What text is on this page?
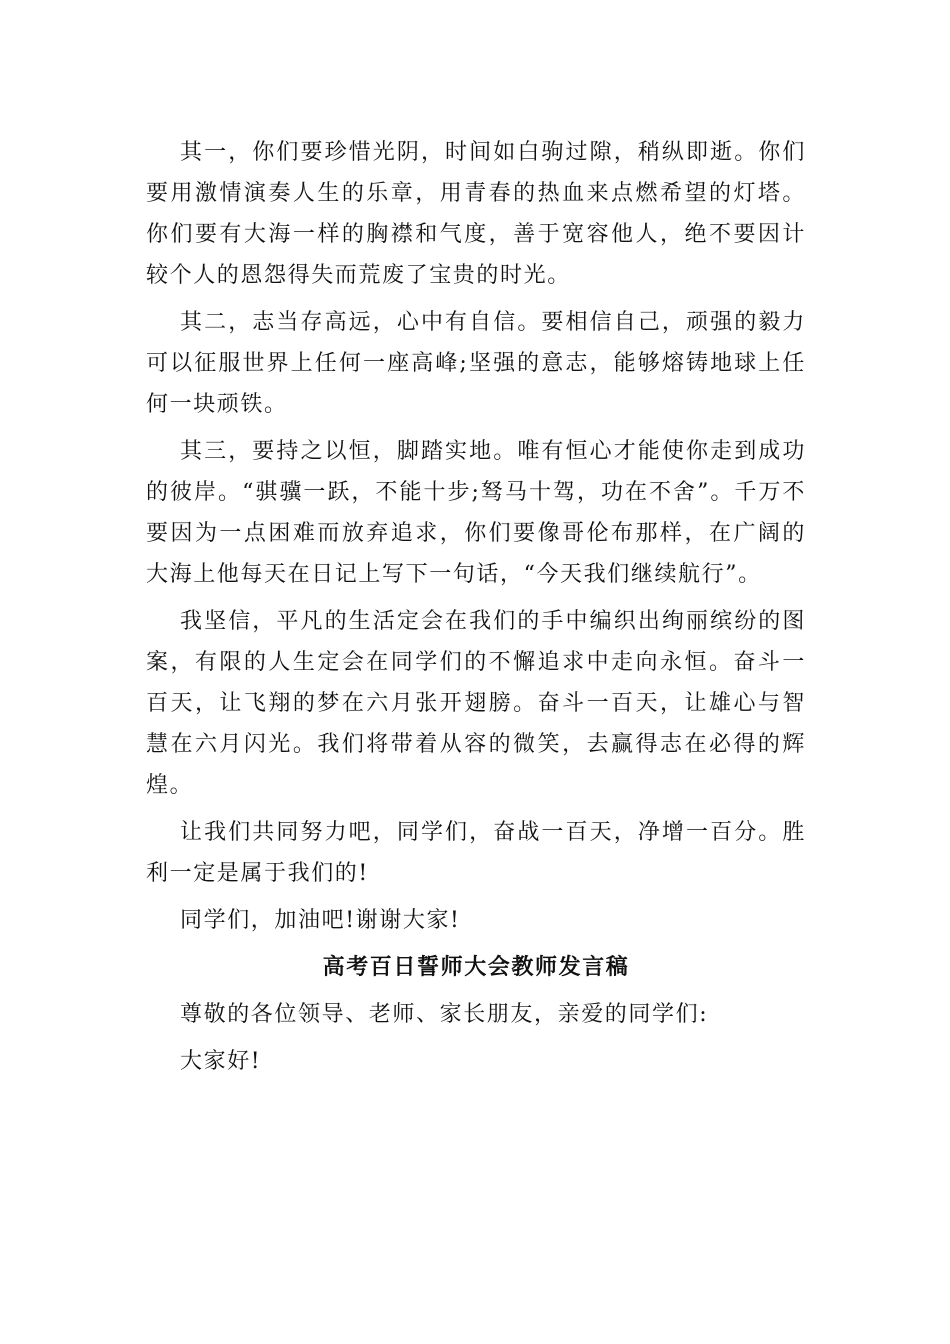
其一，你们要珍惜光阴，时间如白驹过隙，稍纵即逝。你们要用激情演奏人生的乐章，用青春的热血来点燃希望的灯塔。你们要有大海一样的胸襟和气度，善于宽容他人，绝不要因计较个人的恩怨得失而荒废了宝贵的时光。

其二，志当存高远，心中有自信。要相信自己，顽强的毅力可以征服世界上任何一座高峰;坚强的意志，能够熔铸地球上任何一块顽铁。

其三，要持之以恒，脚踏实地。唯有恒心才能使你走到成功的彼岸。“骐骥一跃，不能十步;驽马十驾，功在不舍”。千万不要因为一点困难而放弃追求，你们要像哥伦布那样，在广阔的大海上他每天在日记上写下一句话，“今天我们继续航行”。

我坚信，平凡的生活定会在我们的手中编织出绚丽缤纷的图案，有限的人生定会在同学们的不懈追求中走向永恒。奋斗一百天，让飞翔的梦在六月张开翅膀。奋斗一百天，让雄心与智慧在六月闪光。我们将带着从容的微笑，去赢得志在必得的辉煌。

让我们共同努力吧，同学们，奋战一百天，净增一百分。胜利一定是属于我们的!

同学们，加油吧!谢谢大家!

高考百日誓师大会教师发言稿

尊敬的各位领导、老师、家长朋友，亲爱的同学们:

大家好!
